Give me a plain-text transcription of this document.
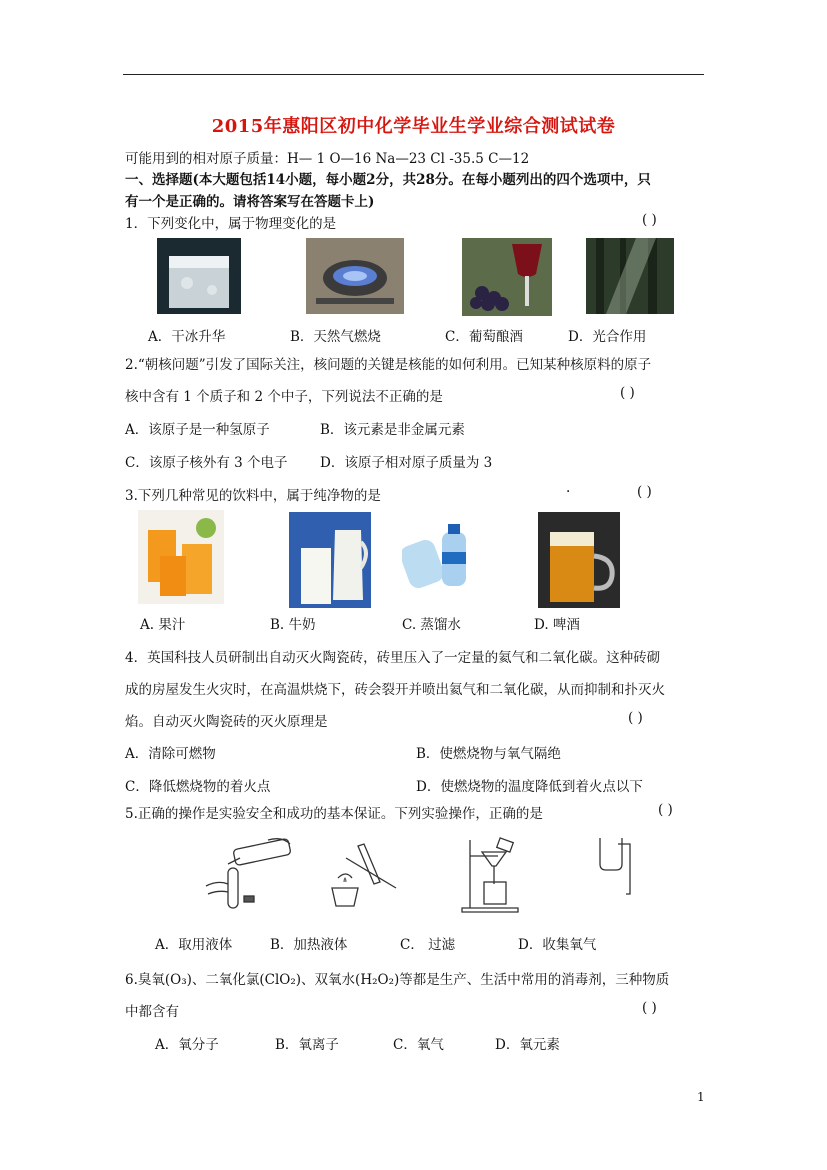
2015年惠阳区初中化学毕业生学业综合测试试卷
可能用到的相对原子质量：H— 1 O—16 Na—23 Cl -35.5 C—12
一、选择题(本大题包括14小题，每小题2分，共28分。在每小题列出的四个选项中，只
有一个是正确的。请将答案写在答题卡上)
1．下列变化中，属于物理变化的是	( )
A．干冰升华	B．天然气燃烧	C．葡萄酿酒	D．光合作用
2.“朝核问题”引发了国际关注，核问题的关键是核能的如何利用。已知某种核原料的原子
核中含有 1 个质子和 2 个中子，下列说法不正确的是	( )
A．该原子是一种氢原子	B．该元素是非金属元素
C．该原子核外有 3 个电子 D．该原子相对原子质量为 3
3.下列几种常见的饮料中，属于纯净物的是	.	( )
A. 果汁	B. 牛奶	C. 蒸馏水	D. 啤酒
4．英国科技人员研制出自动灭火陶瓷砖，砖里压入了一定量的氦气和二氧化碳。这种砖砌
成的房屋发生火灾时，在高温烘烧下，砖会裂开并喷出氦气和二氧化碳，从而抑制和扑灭火
焰。自动灭火陶瓷砖的灭火原理是	( )
A．清除可燃物	B．使燃烧物与氧气隔绝
C．降低燃烧物的着火点	D．使燃烧物的温度降低到着火点以下
5.正确的操作是实验安全和成功的基本保证。下列实验操作，正确的是	( )
A．取用液体	B．加热液体	C． 过滤	D．收集氧气
6.臭氧(O₃)、二氧化氯(ClO₂)、双氧水(H₂O₂)等都是生产、生活中常用的消毒剂，三种物质
中都含有	( )
A．氧分子	B．氧离子	C．氧气	D．氧元素
1
